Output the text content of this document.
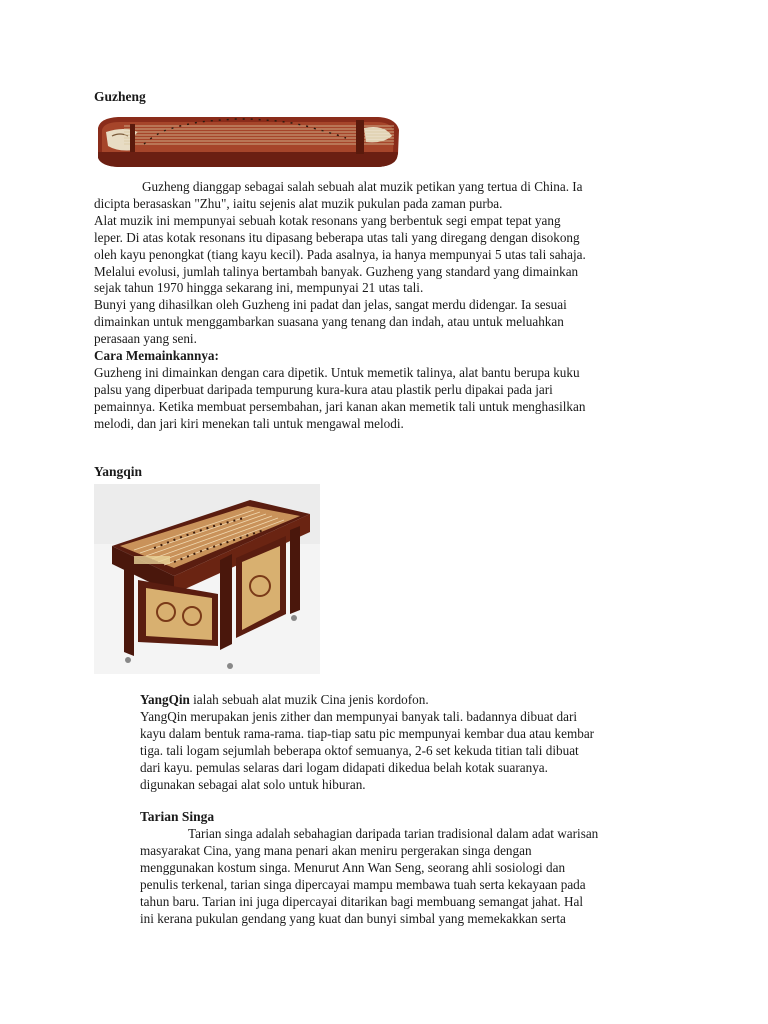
Guzheng
Guzheng dianggap sebagai salah sebuah alat muzik petikan yang tertua di China. Ia
dicipta berasaskan "Zhu", iaitu sejenis alat muzik pukulan pada zaman purba.
Alat muzik ini mempunyai sebuah kotak resonans yang berbentuk segi empat tepat yang
leper. Di atas kotak resonans itu dipasang beberapa utas tali yang diregang dengan disokong
oleh kayu penongkat (tiang kayu kecil). Pada asalnya, ia hanya mempunyai 5 utas tali sahaja.
Melalui evolusi, jumlah talinya bertambah banyak. Guzheng yang standard yang dimainkan
sejak tahun 1970 hingga sekarang ini, mempunyai 21 utas tali.
Bunyi yang dihasilkan oleh Guzheng ini padat dan jelas, sangat merdu didengar. Ia sesuai
dimainkan untuk menggambarkan suasana yang tenang dan indah, atau untuk meluahkan
perasaan yang seni.
Cara Memainkannya:
Guzheng ini dimainkan dengan cara dipetik. Untuk memetik talinya, alat bantu berupa kuku
palsu yang diperbuat daripada tempurung kura-kura atau plastik perlu dipakai pada jari
pemainnya. Ketika membuat persembahan, jari kanan akan memetik tali untuk menghasilkan
melodi, dan jari kiri menekan tali untuk mengawal melodi.
Yangqin
YangQin ialah sebuah alat muzik Cina jenis kordofon.
YangQin merupakan jenis zither dan mempunyai banyak tali. badannya dibuat dari
kayu dalam bentuk rama-rama. tiap-tiap satu pic mempunyai kembar dua atau kembar
tiga. tali logam sejumlah beberapa oktof semuanya, 2-6 set kekuda titian tali dibuat
dari kayu. pemulas selaras dari logam didapati dikedua belah kotak suaranya.
digunakan sebagai alat solo untuk hiburan.
Tarian Singa
Tarian singa adalah sebahagian daripada tarian tradisional dalam adat warisan
masyarakat Cina, yang mana penari akan meniru pergerakan singa dengan
menggunakan kostum singa. Menurut Ann Wan Seng, seorang ahli sosiologi dan
penulis terkenal, tarian singa dipercayai mampu membawa tuah serta kekayaan pada
tahun baru. Tarian ini juga dipercayai ditarikan bagi membuang semangat jahat. Hal
ini kerana pukulan gendang yang kuat dan bunyi simbal yang memekakkan serta
